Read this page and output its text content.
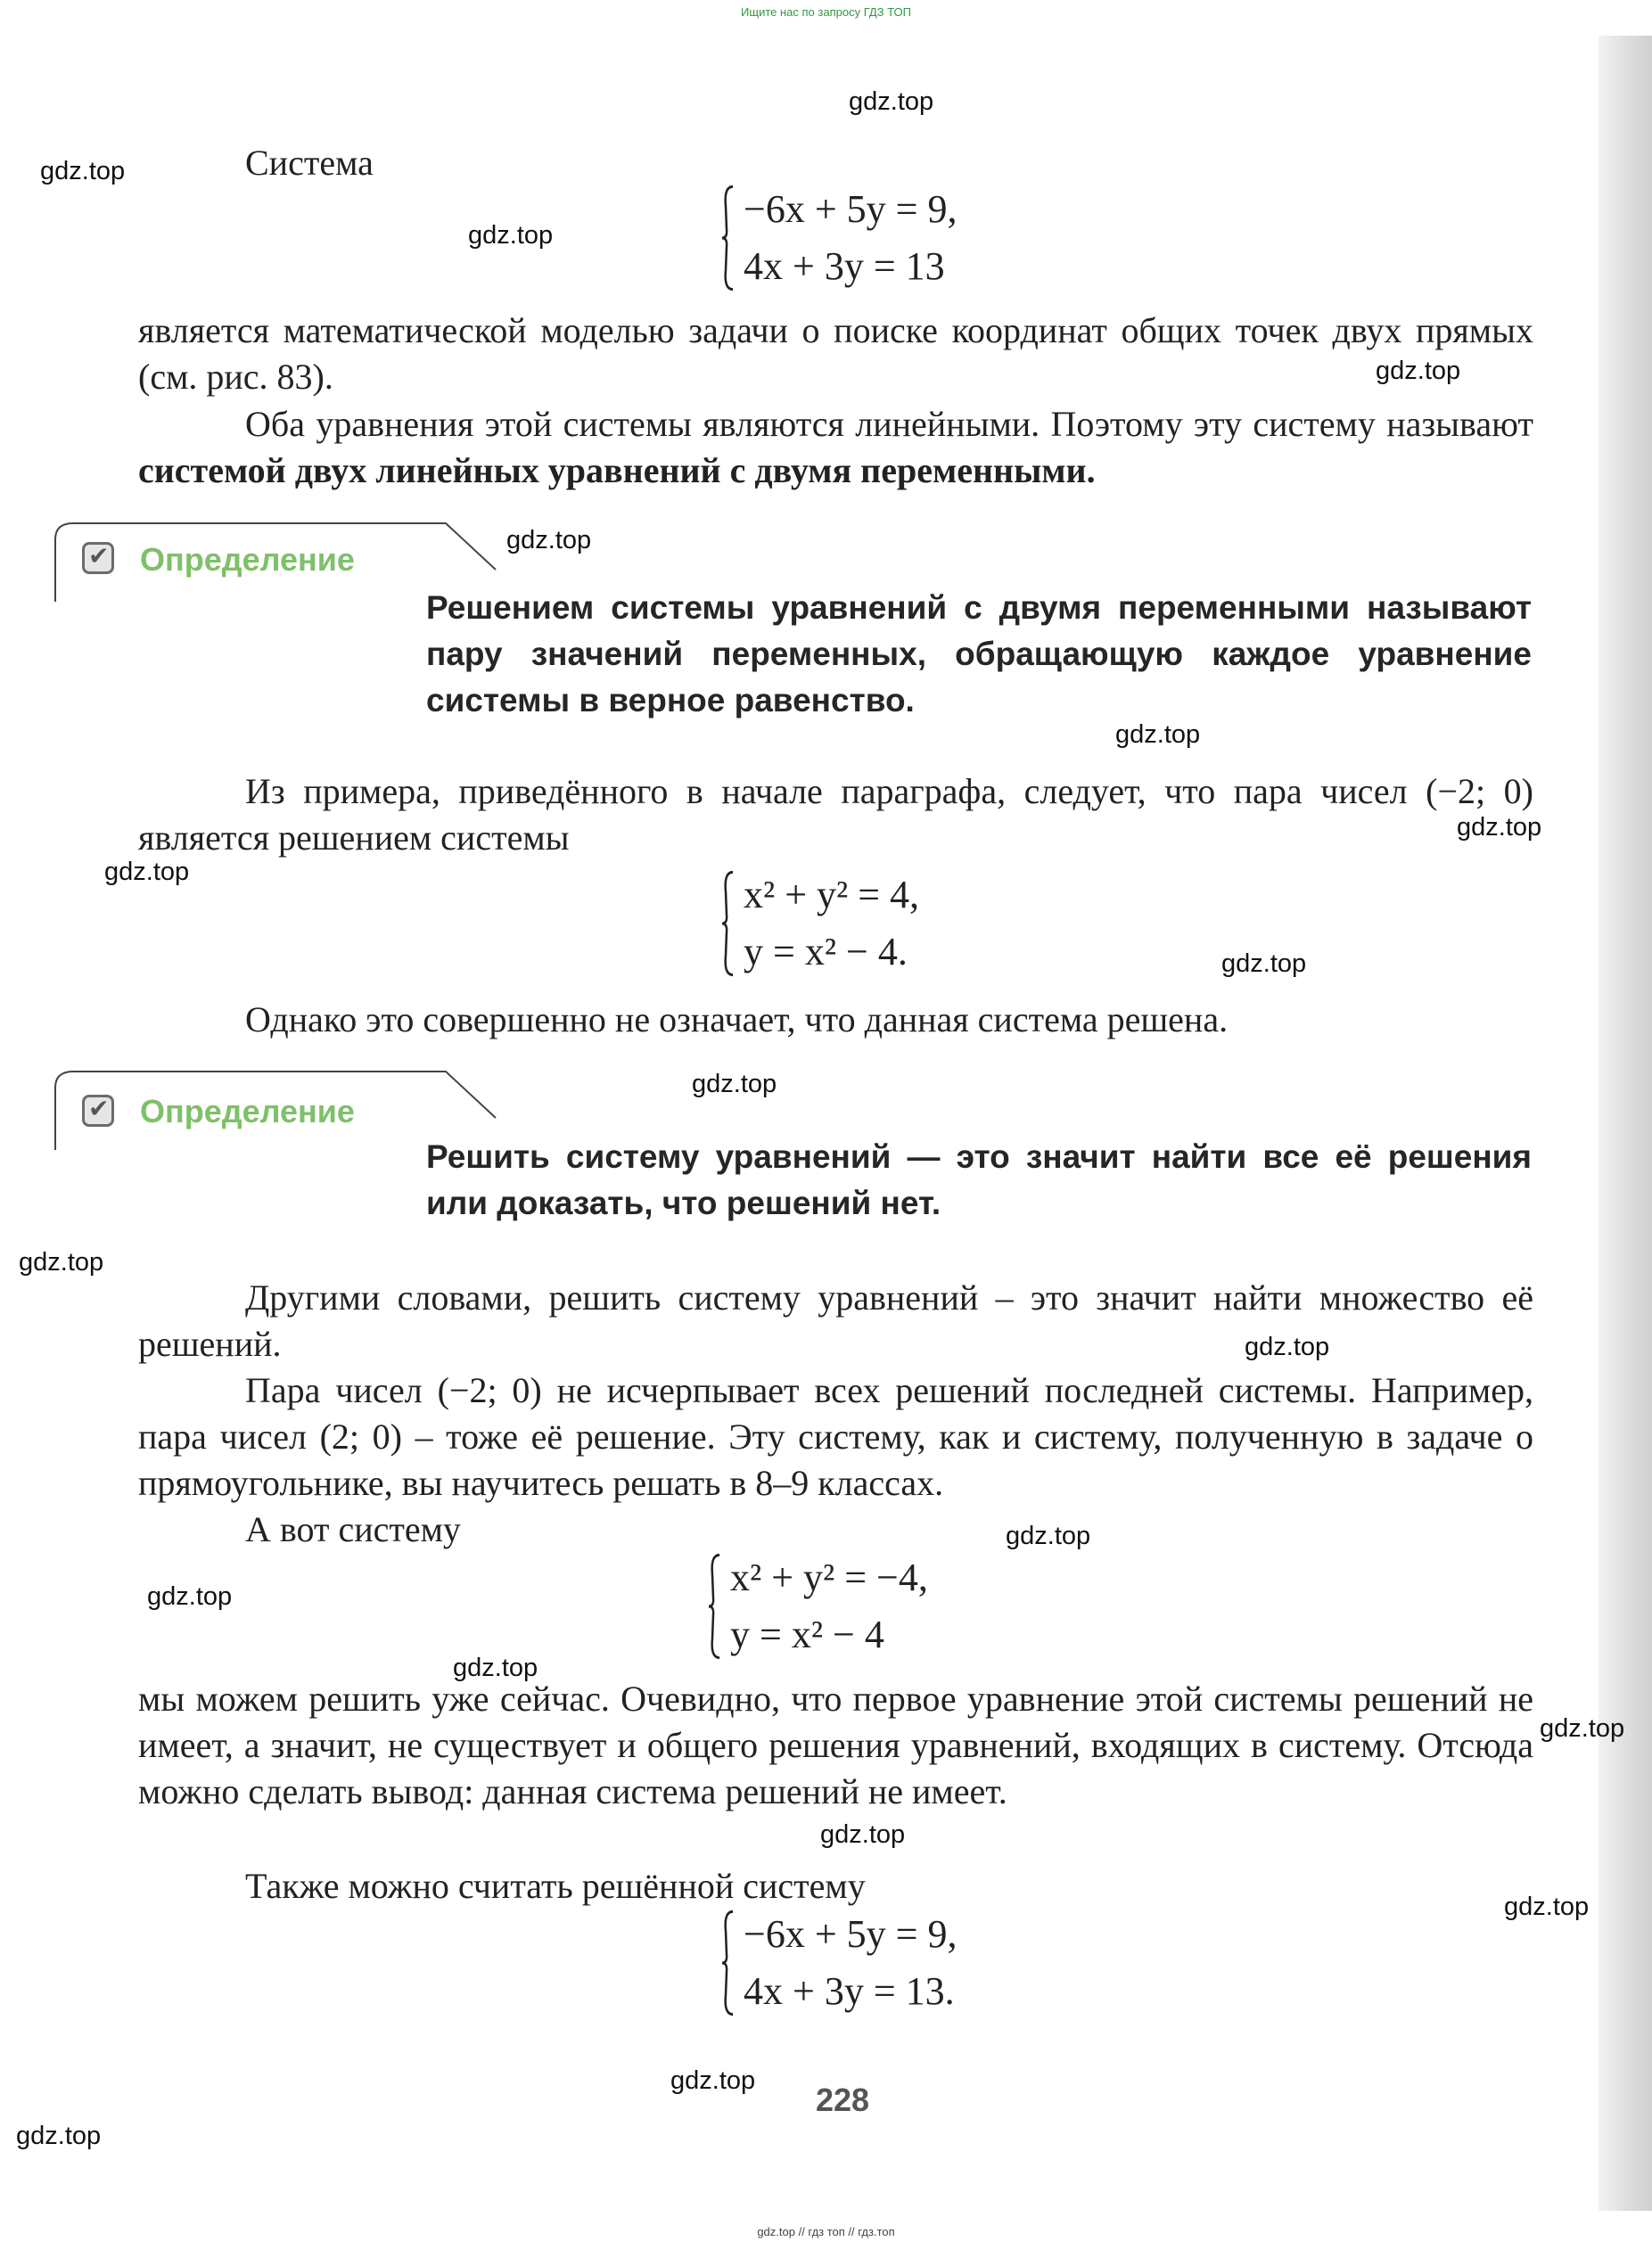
Ищите нас по запросу ГДЗ ТОП
gdz.top
gdz.top
gdz.top
gdz.top
gdz.top
gdz.top
gdz.top
gdz.top
gdz.top
gdz.top
gdz.top
gdz.top
gdz.top
gdz.top
gdz.top
gdz.top
gdz.top
gdz.top
gdz.top
gdz.top
Система
−6x + 5y = 9,
4x + 3y = 13
является математической моделью задачи о поиске координат общих точек двух прямых (см. рис. 83).
Оба уравнения этой системы являются линейными. Поэтому эту систему называют системой двух линейных уравнений с двумя переменными.
✔
Определение
Решением системы уравнений с двумя переменными называют пару значений переменных, обращающую каждое уравнение системы в верное равенство.
Из примера, приведённого в начале параграфа, следует, что пара чисел (−2; 0) является решением системы
x² + y² = 4,
y = x² − 4.
Однако это совершенно не означает, что данная система решена.
✔
Определение
Решить систему уравнений — это значит найти все её решения или доказать, что решений нет.
Другими словами, решить систему уравнений – это значит найти множество её решений.
Пара чисел (−2; 0) не исчерпывает всех решений последней системы. Например, пара чисел (2; 0) – тоже её решение. Эту систему, как и систему, полученную в задаче о прямоугольнике, вы научитесь решать в 8–9 классах.
А вот систему
x² + y² = −4,
y = x² − 4
мы можем решить уже сейчас. Очевидно, что первое уравнение этой системы решений не имеет, а значит, не существует и общего решения уравнений, входящих в систему. Отсюда можно сделать вывод: данная система решений не имеет.
Также можно считать решённой систему
−6x + 5y = 9,
4x + 3y = 13.
228
gdz.top // гдз топ // гдз.топ
